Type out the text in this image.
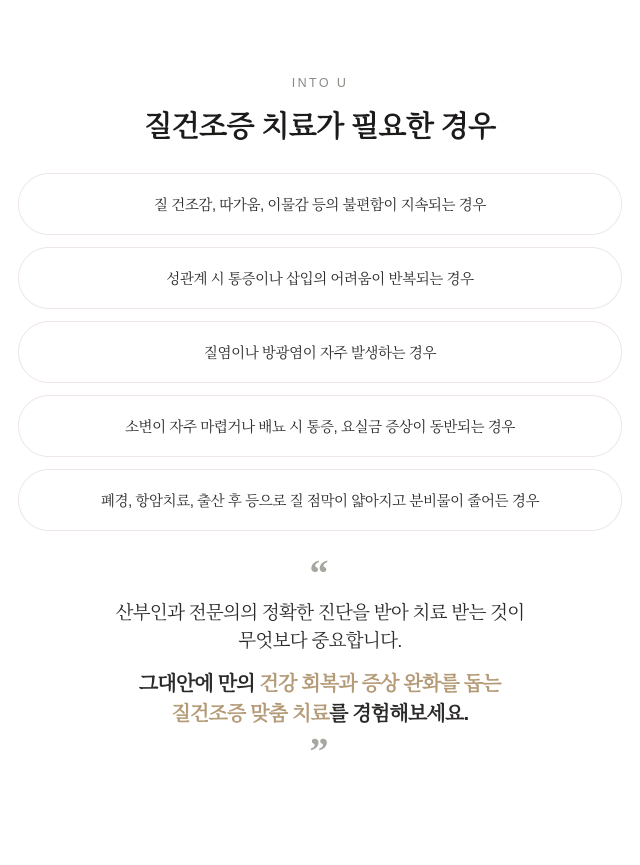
INTO U
질건조증 치료가 필요한 경우
질 건조감, 따가움, 이물감 등의 불편함이 지속되는 경우
성관계 시 통증이나 삽입의 어려움이 반복되는 경우
질염이나 방광염이 자주 발생하는 경우
소변이 자주 마렵거나 배뇨 시 통증, 요실금 증상이 동반되는 경우
폐경, 항암치료, 출산 후 등으로 질 점막이 얇아지고 분비물이 줄어든 경우
“
산부인과 전문의의 정확한 진단을 받아 치료 받는 것이
무엇보다 중요합니다.
그대안에 만의 건강 회복과 증상 완화를 돕는
질건조증 맞춤 치료를 경험해보세요.
”
